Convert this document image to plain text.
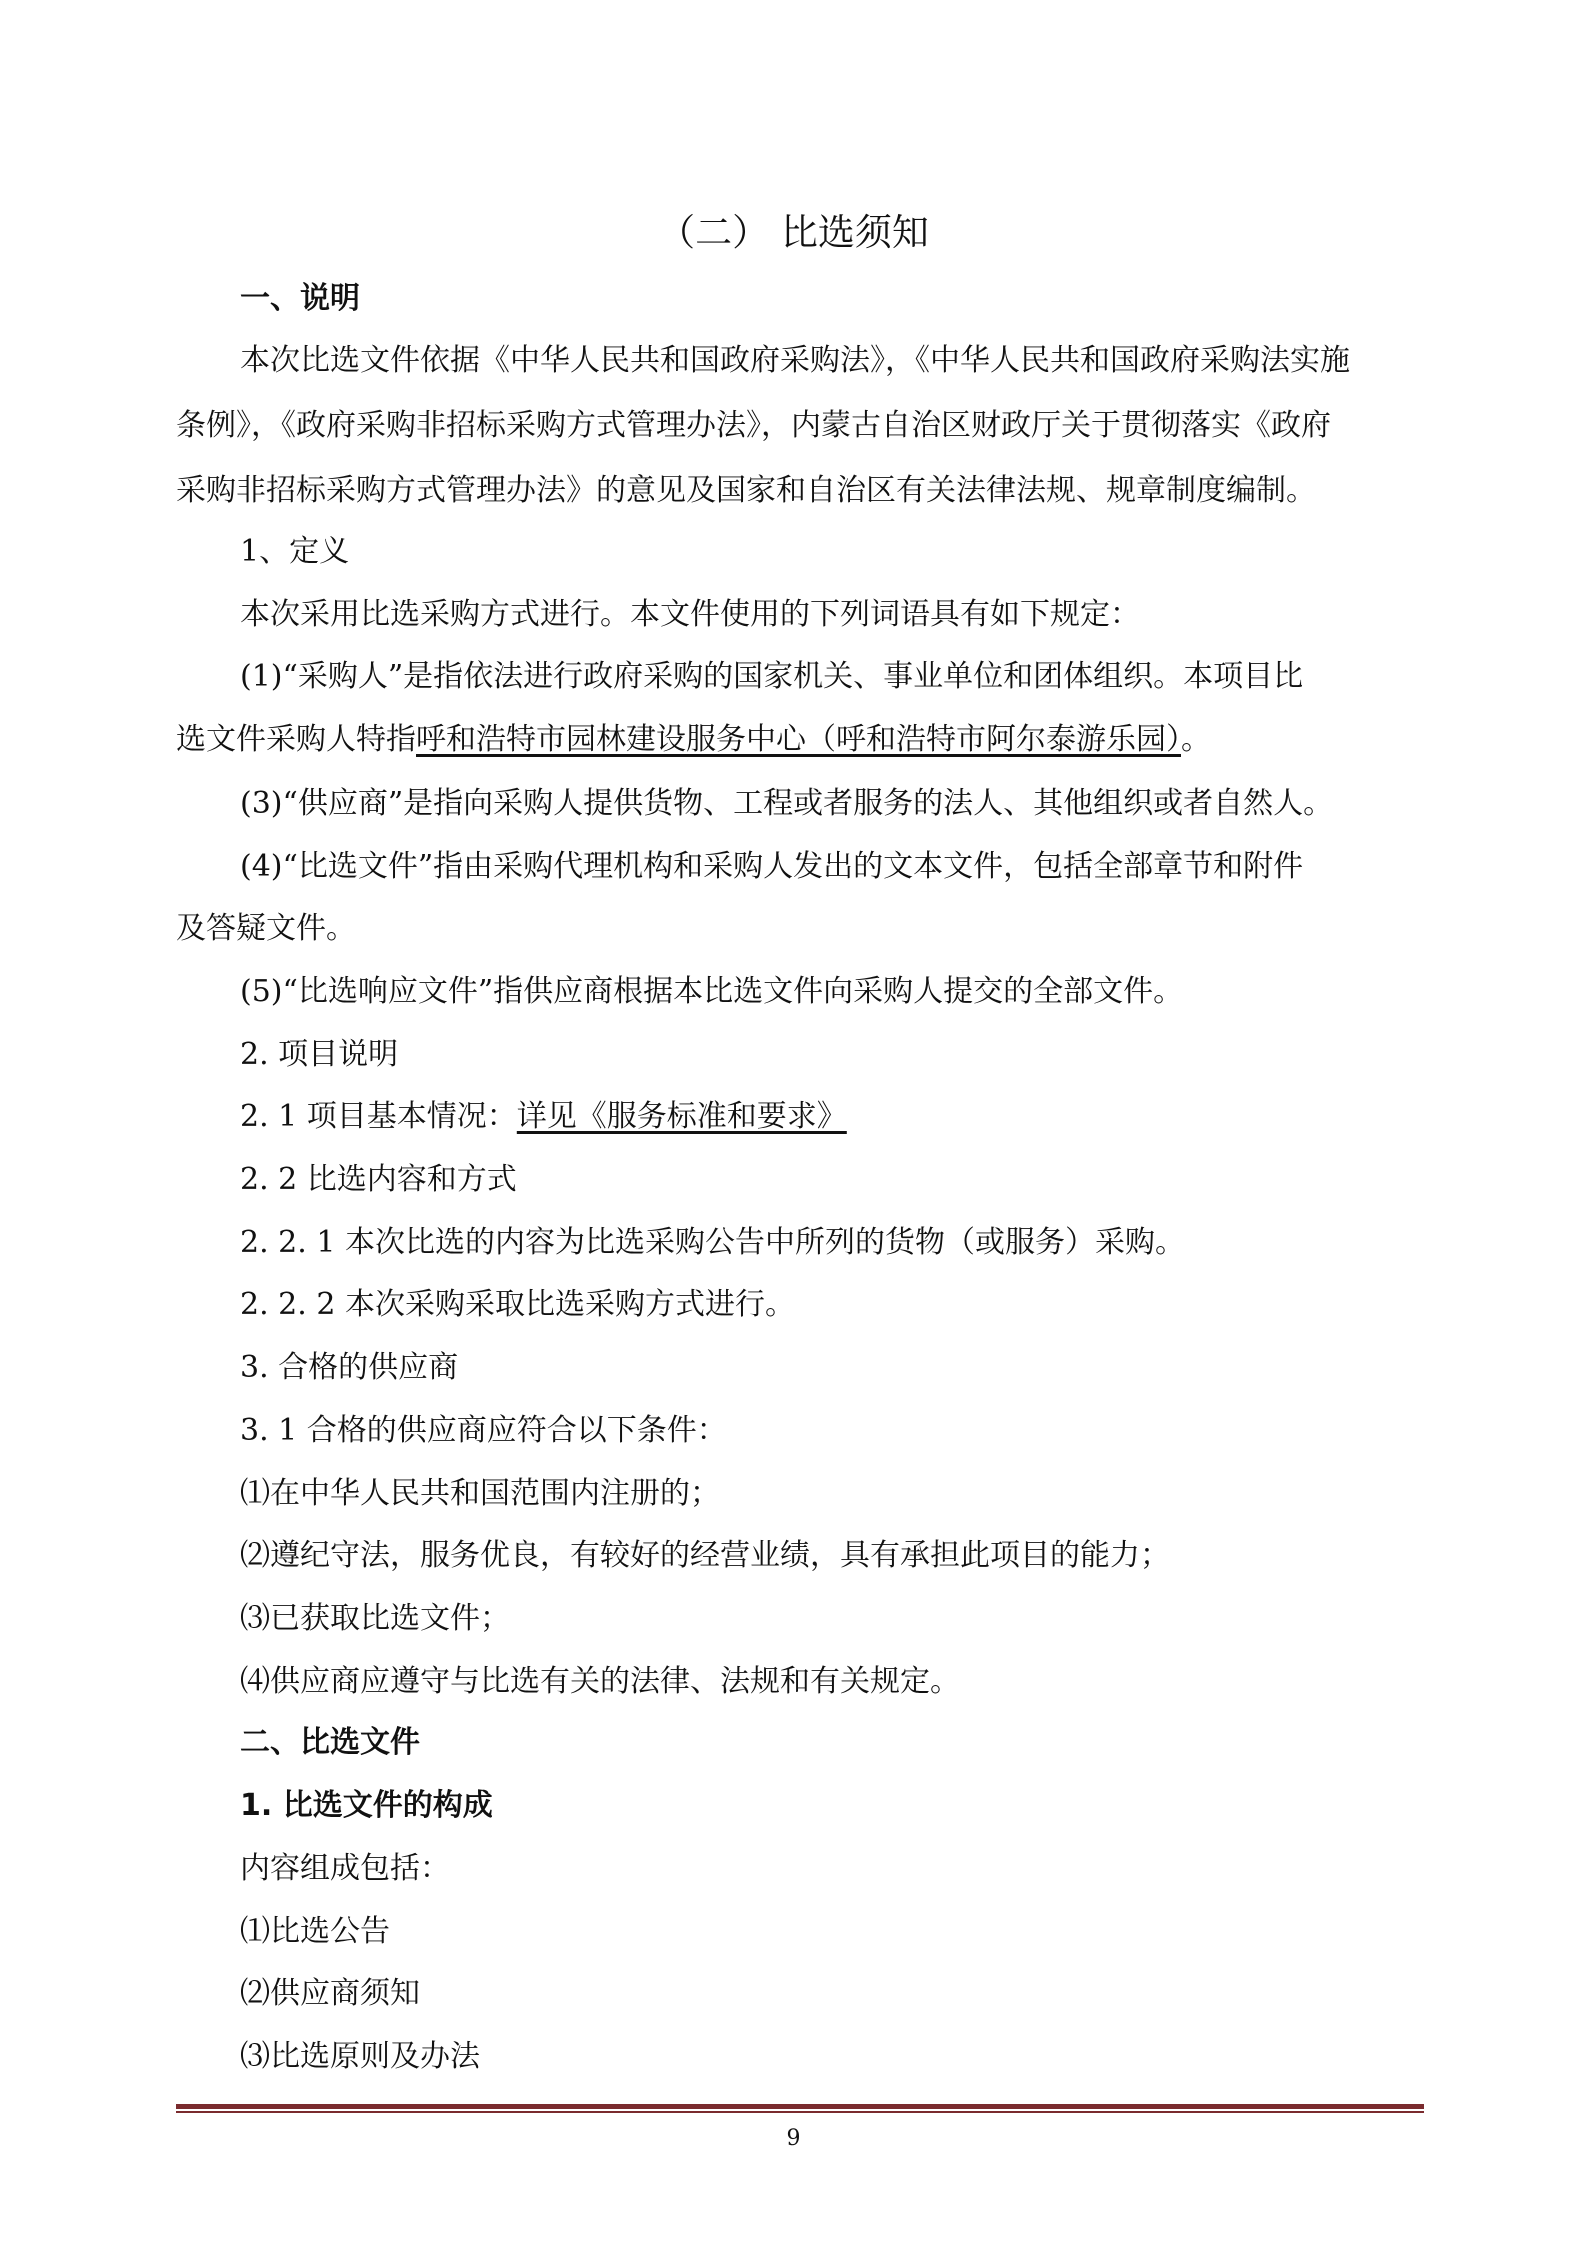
（二） 比选须知
一、说明
本次比选文件依据《中华人民共和国政府采购法》，《中华人民共和国政府采购法实施
条例》，《政府采购非招标采购方式管理办法》，内蒙古自治区财政厅关于贯彻落实《政府
采购非招标采购方式管理办法》的意见及国家和自治区有关法律法规、规章制度编制。
1、定义
本次采用比选采购方式进行。本文件使用的下列词语具有如下规定：
(1)“采购人”是指依法进行政府采购的国家机关、事业单位和团体组织。本项目比
选文件采购人特指呼和浩特市园林建设服务中心（呼和浩特市阿尔泰游乐园）。
(3)“供应商”是指向采购人提供货物、工程或者服务的法人、其他组织或者自然人。
(4)“比选文件”指由采购代理机构和采购人发出的文本文件，包括全部章节和附件
及答疑文件。
(5)“比选响应文件”指供应商根据本比选文件向采购人提交的全部文件。
2. 项目说明
2. 1 项目基本情况：详见《服务标准和要求》
2. 2 比选内容和方式
2. 2. 1 本次比选的内容为比选采购公告中所列的货物（或服务）采购。
2. 2. 2 本次采购采取比选采购方式进行。
3. 合格的供应商
3. 1 合格的供应商应符合以下条件：
⑴在中华人民共和国范围内注册的；
⑵遵纪守法，服务优良，有较好的经营业绩，具有承担此项目的能力；
⑶已获取比选文件；
⑷供应商应遵守与比选有关的法律、法规和有关规定。
二、比选文件
1. 比选文件的构成
内容组成包括：
⑴比选公告
⑵供应商须知
⑶比选原则及办法
9
